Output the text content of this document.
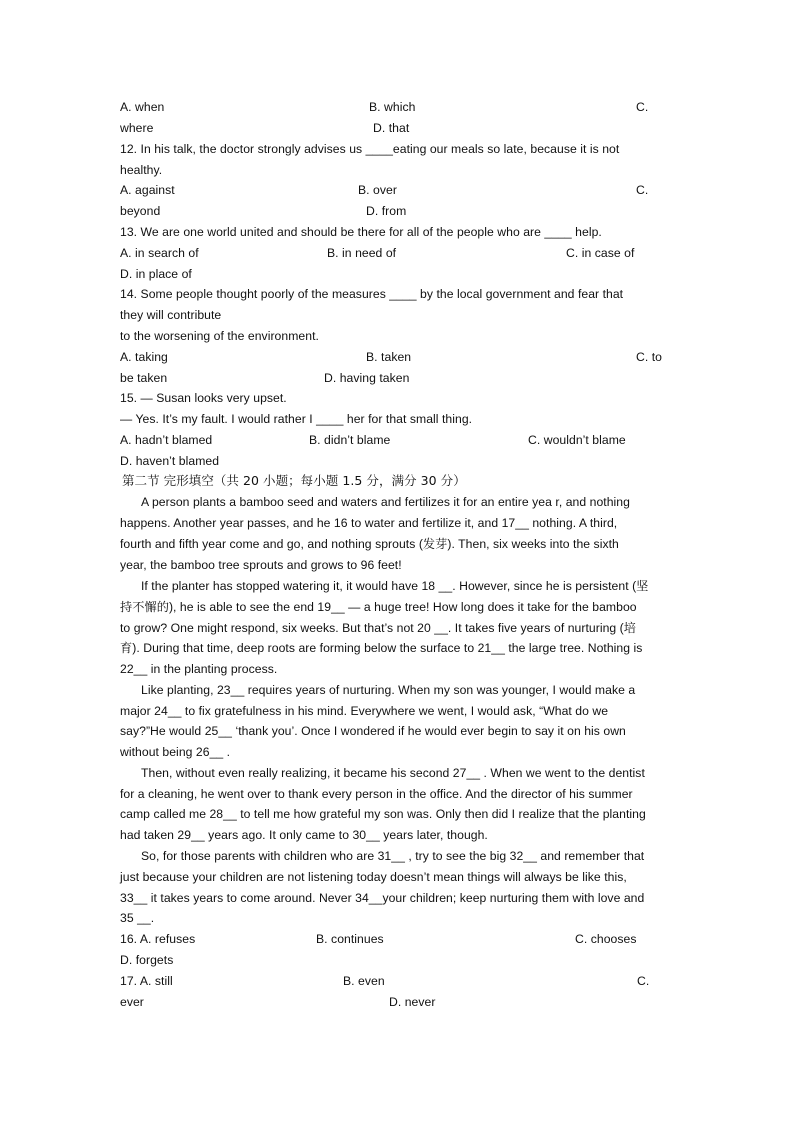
A. when	B. which	C.
where	D. that
12. In his talk, the doctor strongly advises us ____eating our meals so late, because it is not
healthy.
A. against	B. over	C.
beyond	D. from
13. We are one world united and should be there for all of the people who are ____ help.
A. in search of	B. in need of	C. in case of
D. in place of
14. Some people thought poorly of the measures ____ by the local government and fear that
they will contribute
to the worsening of the environment.
A. taking	B. taken	C. to
be taken	D. having taken
15. — Susan looks very upset.
— Yes. It’s my fault. I would rather I ____ her for that small thing.
A. hadn’t blamed	B. didn’t blame	C. wouldn’t blame
D. haven’t blamed
第二节 完形填空（共 20 小题；每小题 1.5 分，满分 30 分）
A person plants a bamboo seed and waters and fertilizes it for an entire yea r, and nothing
happens. Another year passes, and he 16 to water and fertilize it, and 17__ nothing. A third,
fourth and fifth year come and go, and nothing sprouts (发芽). Then, six weeks into the sixth
year, the bamboo tree sprouts and grows to 96 feet!
If the planter has stopped watering it, it would have 18 __. However, since he is persistent (坚
持不懈的), he is able to see the end 19__ — a huge tree! How long does it take for the bamboo
to grow? One might respond, six weeks. But that’s not 20 __. It takes five years of nurturing (培
育). During that time, deep roots are forming below the surface to 21__ the large tree. Nothing is
22__ in the planting process.
Like planting, 23__ requires years of nurturing. When my son was younger, I would make a
major 24__ to fix gratefulness in his mind. Everywhere we went, I would ask, “What do we
say?”He would 25__ ‘thank you’. Once I wondered if he would ever begin to say it on his own
without being 26__ .
Then, without even really realizing, it became his second 27__ . When we went to the dentist
for a cleaning, he went over to thank every person in the office. And the director of his summer
camp called me 28__ to tell me how grateful my son was. Only then did I realize that the planting
had taken 29__ years ago. It only came to 30__ years later, though.
So, for those parents with children who are 31__ , try to see the big 32__ and remember that
just because your children are not listening today doesn’t mean things will always be like this,
33__ it takes years to come around. Never 34__your children; keep nurturing them with love and
35 __.
16. A. refuses	B. continues	C. chooses
D. forgets
17. A. still	B. even	C.
ever	D. never
